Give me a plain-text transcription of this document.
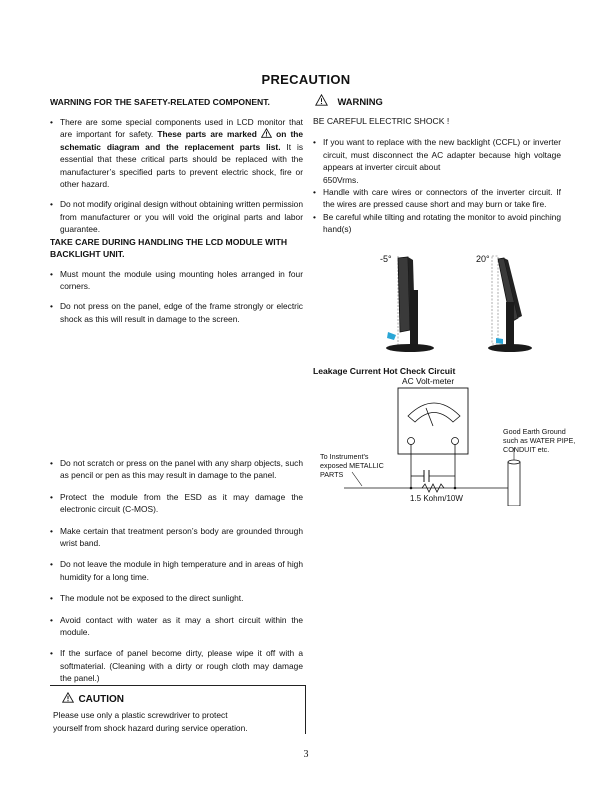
PRECAUTION
WARNING FOR THE SAFETY-RELATED COMPONENT.
• There are some special components used in LCD monitor that are important for safety. These parts are marked on the schematic diagram and the replacement parts list. It is essential that these critical parts should be replaced with the manufacturer’s specified parts to prevent electric shock, fire or other hazard.
• Do not modify original design without obtaining written permission from manufacturer or you will void the original parts and labor guarantee.
TAKE CARE DURING HANDLING THE LCD MODULE WITH BACKLIGHT UNIT.
• Must mount the module using mounting holes arranged in four corners.
• Do not press on the panel, edge of the frame strongly or electric shock as this will result in damage to the screen.
• Do not scratch or press on the panel with any sharp objects, such as pencil or pen as this may result in damage to the panel.
• Protect the module from the ESD as it may damage the electronic circuit (C-MOS).
• Make certain that treatment person’s body are grounded through wrist band.
• Do not leave the module in high temperature and in areas of high humidity for a long time.
• The module not be exposed to the direct sunlight.
• Avoid contact with water as it may a short circuit within the module.
• If the surface of panel become dirty, please wipe it off with a softmaterial. (Cleaning with a dirty or rough cloth may damage the panel.)
CAUTION
Please use only a plastic screwdriver to protect
yourself from shock hazard during service operation.
WARNING
BE CAREFUL ELECTRIC SHOCK !
• If you want to replace with the new backlight (CCFL) or inverter circuit, must disconnect the AC adapter because high voltage appears at inverter circuit about
650Vrms.
• Handle with care wires or connectors of the inverter circuit. If the wires are pressed cause short and may burn or take fire.
• Be careful while tilting and rotating the monitor to avoid pinching hand(s)
-5°	20°
Leakage Current Hot Check Circuit
AC Volt-meter
Good Earth Ground
such as WATER PIPE,
CONDUIT etc.
To Instrument's
exposed METALLIC
PARTS
1.5 Kohm/10W
3
